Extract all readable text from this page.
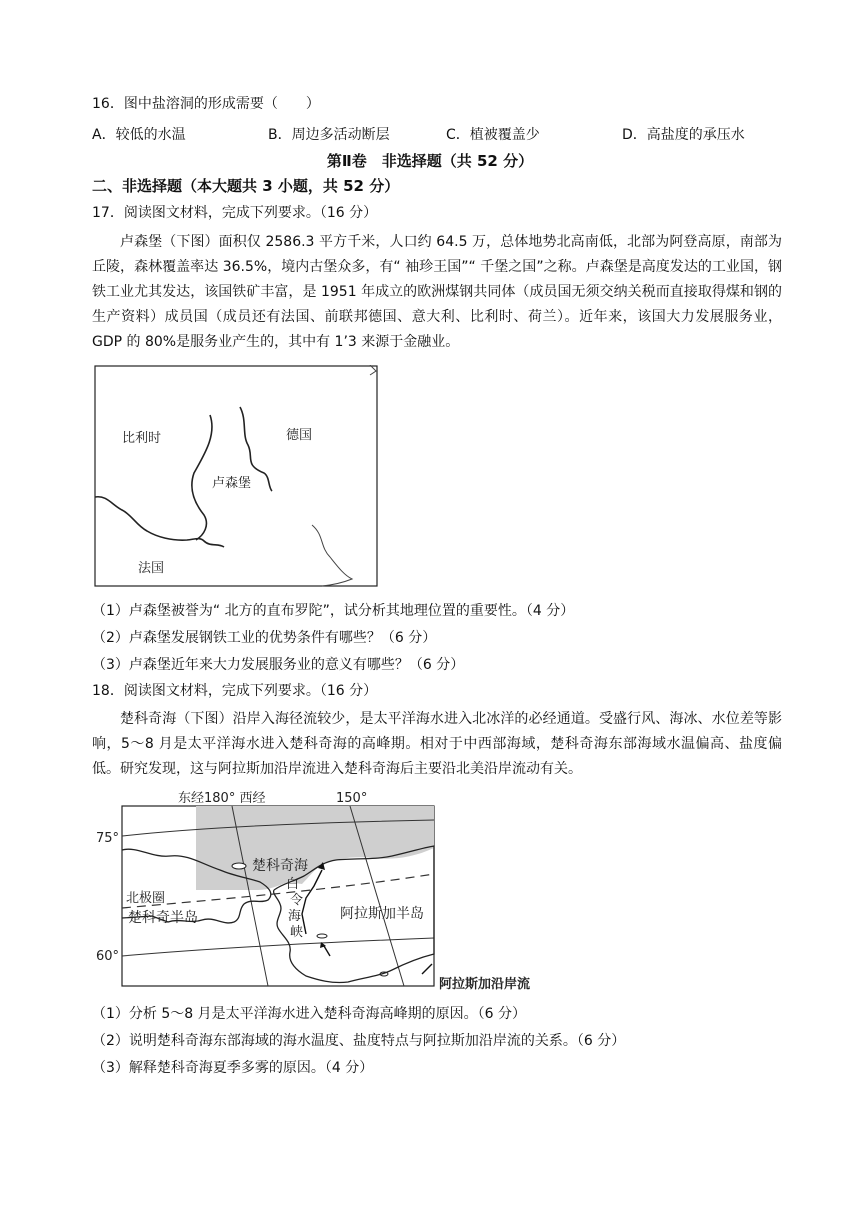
16．图中盐溶洞的形成需要（　　）
A．较低的水温	B．周边多活动断层	C．植被覆盖少	D．高盐度的承压水
第Ⅱ卷　非选择题（共 52 分）
二、非选择题（本大题共 3 小题，共 52 分）
17．阅读图文材料，完成下列要求。（16 分）
卢森堡（下图）面积仅 2586.3 平方千米，人口约 64.5 万，总体地势北高南低，北部为阿登高原，南部为丘陵，森林覆盖率达 36.5%，境内古堡众多，有“ 袖珍王国”“ 千堡之国”之称。卢森堡是高度发达的工业国，钢铁工业尤其发达，该国铁矿丰富，是 1951 年成立的欧洲煤钢共同体（成员国无须交纳关税而直接取得煤和钢的生产资料）成员国（成员还有法国、前联邦德国、意大利、比利时、荷兰）。近年来，该国大力发展服务业，GDP 的 80%是服务业产生的，其中有 1’3 来源于金融业。
比利时	德国
卢森堡
法国
（1）卢森堡被誉为“ 北方的直布罗陀”，试分析其地理位置的重要性。（4 分）
（2）卢森堡发展钢铁工业的优势条件有哪些？（6 分）
（3）卢森堡近年来大力发展服务业的意义有哪些？（6 分）
18．阅读图文材料，完成下列要求。（16 分）
楚科奇海（下图）沿岸入海径流较少，是太平洋海水进入北冰洋的必经通道。受盛行风、海冰、水位差等影响，5～8 月是太平洋海水进入楚科奇海的高峰期。相对于中西部海域，楚科奇海东部海域水温偏高、盐度偏低。研究发现，这与阿拉斯加沿岸流进入楚科奇海后主要沿北美沿岸流动有关。
东经180° 西经	150°
75°
60°
楚科奇海
北极圈
楚科奇半岛	阿拉斯加半岛
白
令
海
峡
阿拉斯加沿岸流
（1）分析 5～8 月是太平洋海水进入楚科奇海高峰期的原因。（6 分）
（2）说明楚科奇海东部海域的海水温度、盐度特点与阿拉斯加沿岸流的关系。（6 分）
（3）解释楚科奇海夏季多雾的原因。（4 分）
